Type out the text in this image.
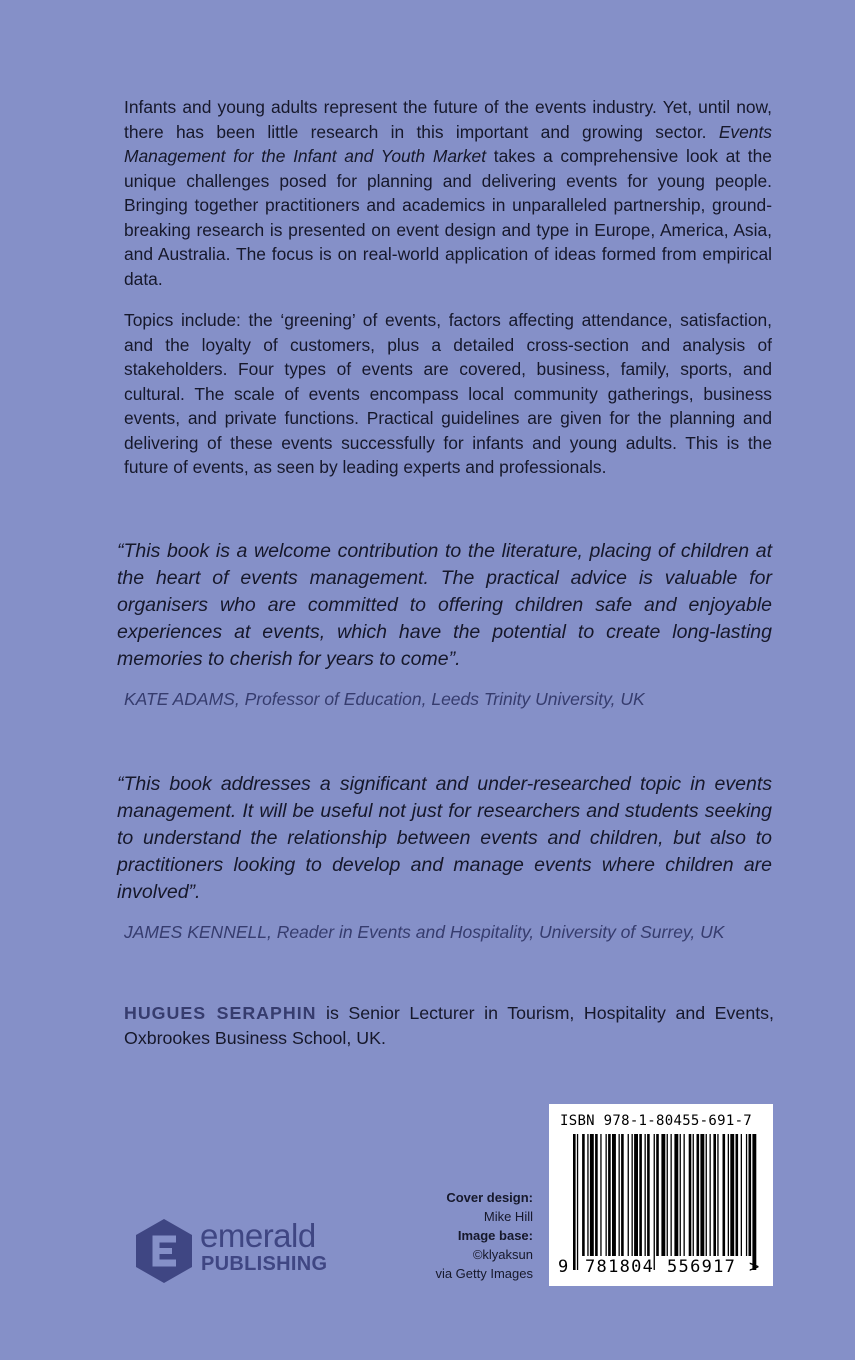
Infants and young adults represent the future of the events industry. Yet, until now, there has been little research in this important and growing sector. Events Management for the Infant and Youth Market takes a comprehensive look at the unique challenges posed for planning and delivering events for young people. Bringing together practitioners and academics in unparalleled partnership, ground-breaking research is presented on event design and type in Europe, America, Asia, and Australia. The focus is on real-world application of ideas formed from empirical data.

Topics include: the ‘greening’ of events, factors affecting attendance, satisfaction, and the loyalty of customers, plus a detailed cross-section and analysis of stakeholders. Four types of events are covered, business, family, sports, and cultural. The scale of events encompass local community gatherings, business events, and private functions. Practical guidelines are given for the planning and delivering of these events successfully for infants and young adults. This is the future of events, as seen by leading experts and professionals.

“This book is a welcome contribution to the literature, placing of children at the heart of events management. The practical advice is valuable for organisers who are committed to offering children safe and enjoyable experiences at events, which have the potential to create long-lasting memories to cherish for years to come”.

KATE ADAMS, Professor of Education, Leeds Trinity University, UK

“This book addresses a significant and under-researched topic in events management. It will be useful not just for researchers and students seeking to understand the relationship between events and children, but also to practitioners looking to develop and manage events where children are involved”.

JAMES KENNELL, Reader in Events and Hospitality, University of Surrey, UK

HUGUES SERAPHIN is Senior Lecturer in Tourism, Hospitality and Events, Oxbrookes Business School, UK.

emerald
PUBLISHING
Cover design:
Mike Hill
Image base:
©klyaksun
via Getty Images
ISBN 978-1-80455-691-7
9 781804 556917 >
